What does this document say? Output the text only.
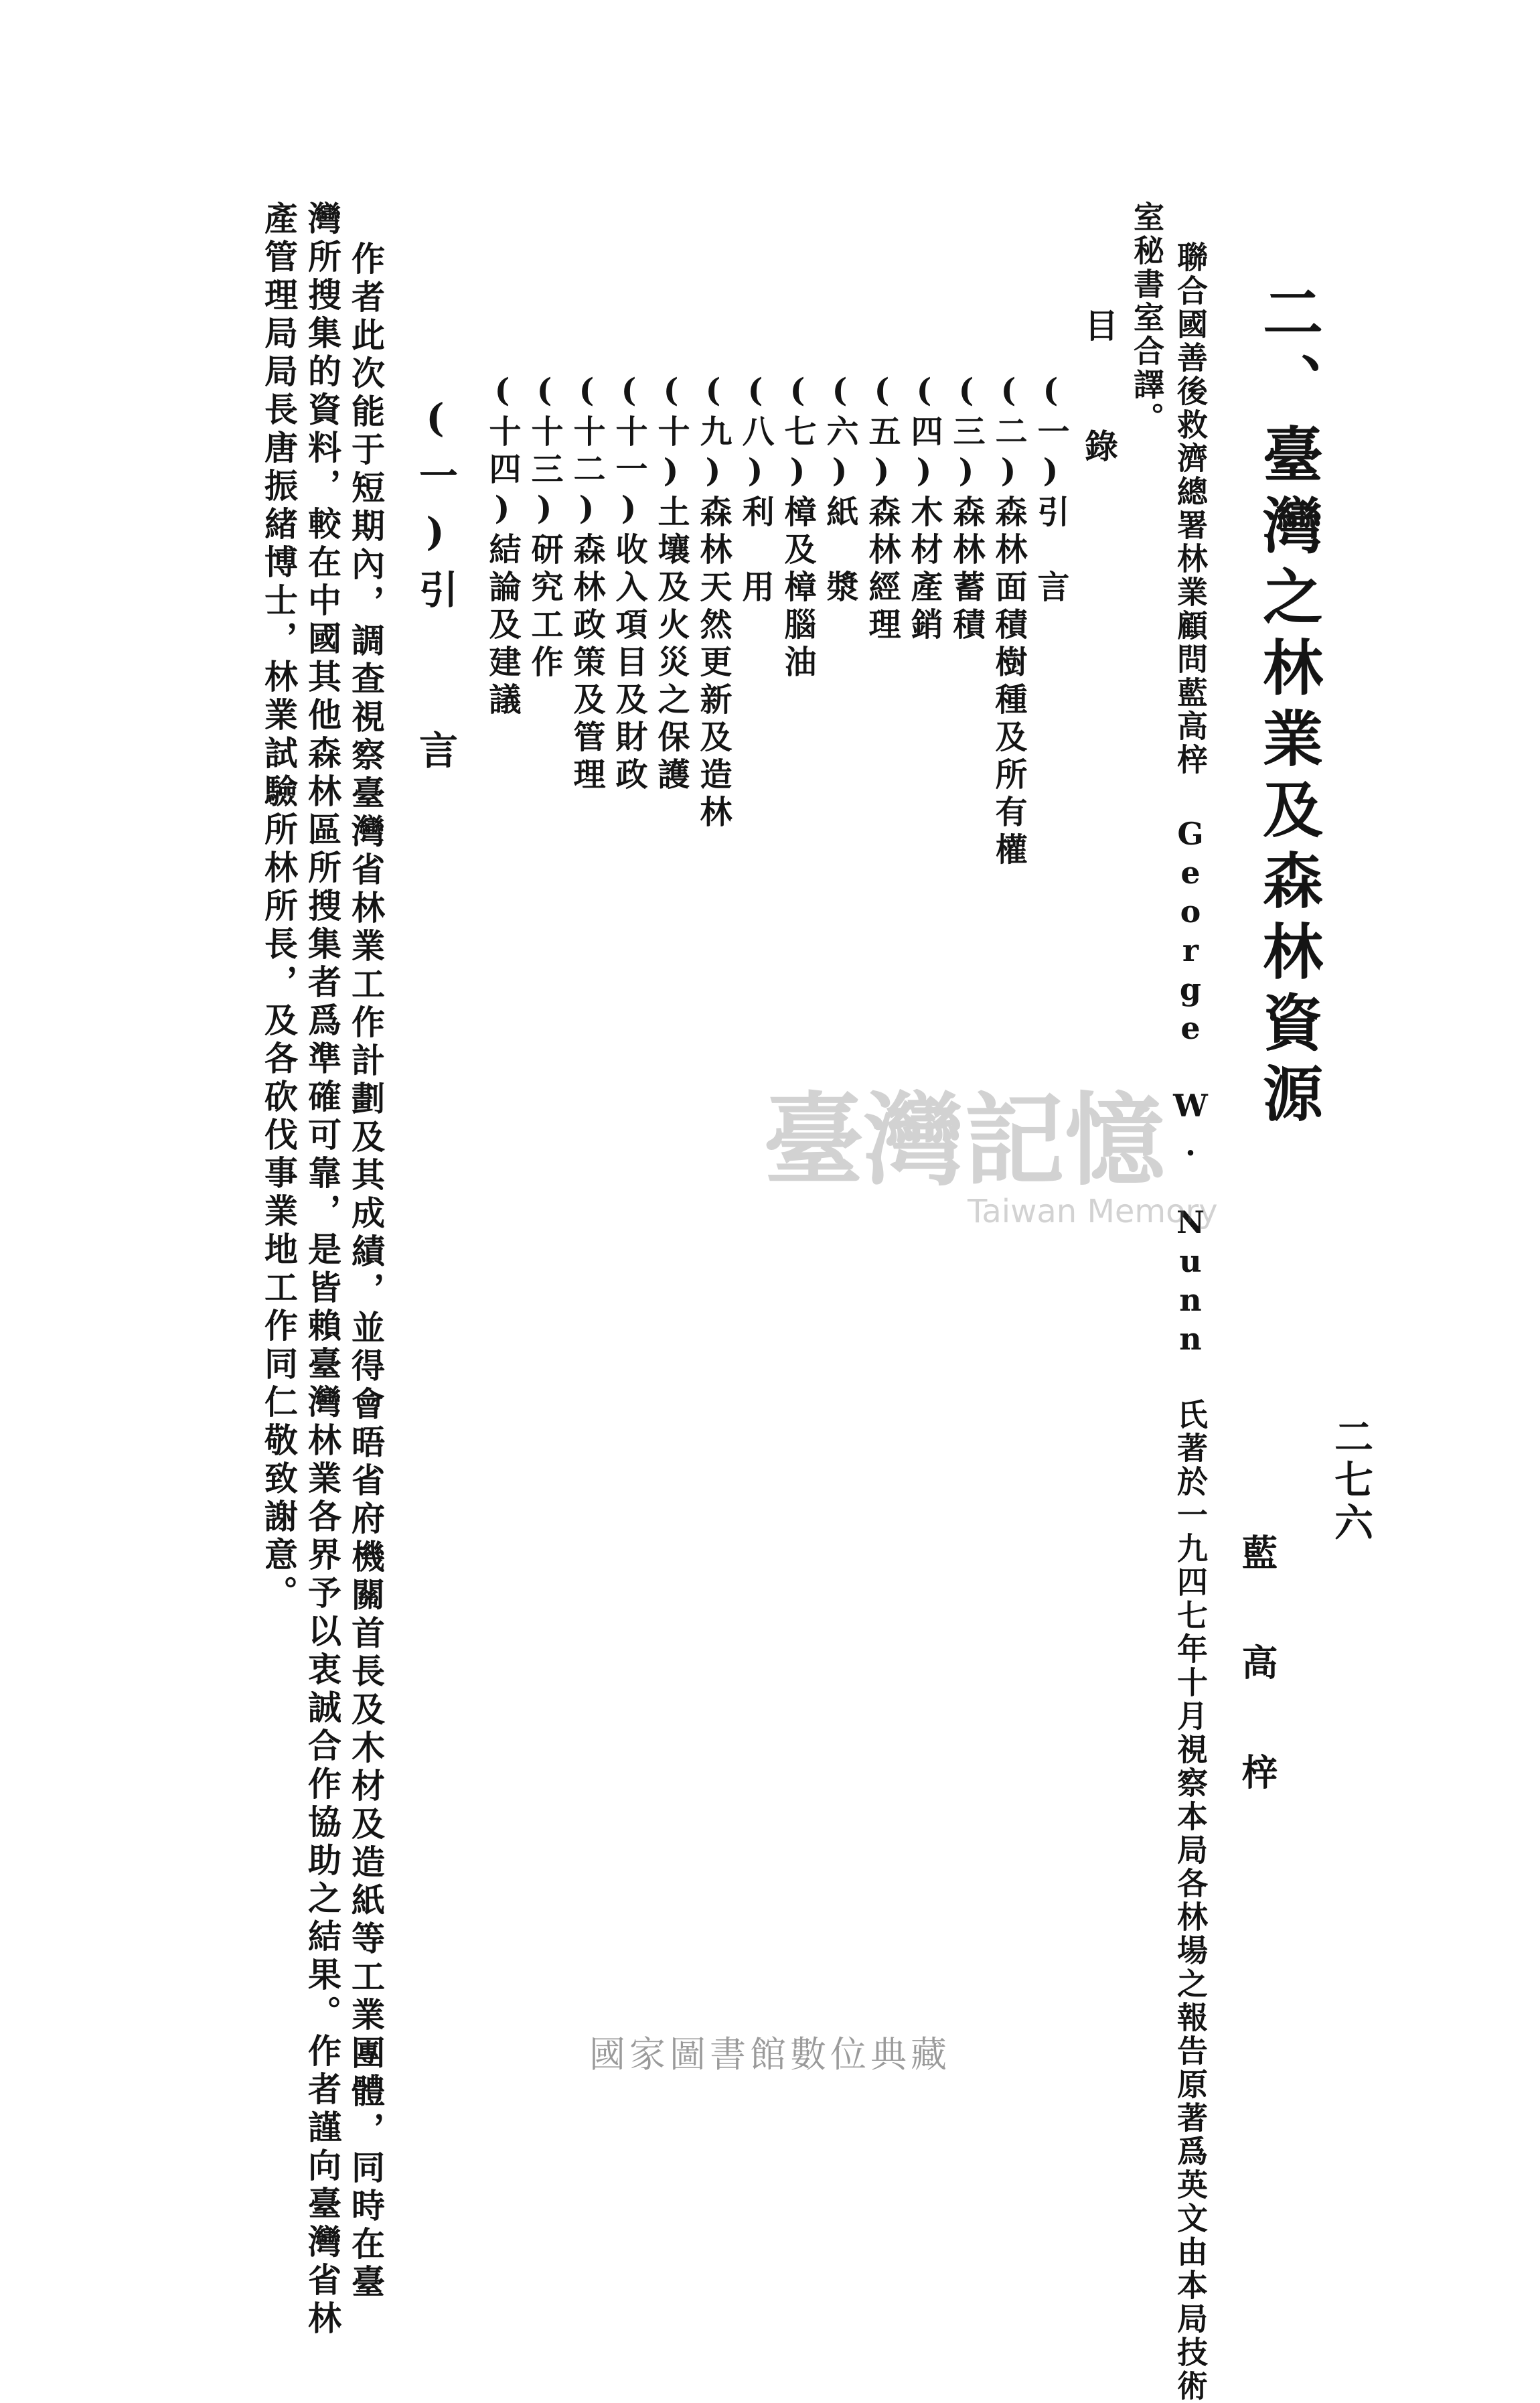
二七六
藍　高　梓
二、臺灣之林業及森林資源
聯合國善後救濟總署林業顧問藍高梓 George W. Nunn 氏著於一九四七年十月視察本局各林場之報告原著爲英文由本局技術
室秘書室合譯。
目　　錄
(一)引　言
(二)森林面積樹種及所有權
(三)森林蓄積
(四)木材產銷
(五)森林經理
(六)紙　漿
(七)樟及樟腦油
(八)利　用
(九)森林天然更新及造林
(十)土壤及火災之保護
(十一)收入項目及財政
(十二)森林政策及管理
(十三)研究工作
(十四)結論及建議
(一)引　　言
作者此次能于短期內，調查視察臺灣省林業工作計劃及其成績，並得會晤省府機關首長及木材及造紙等工業團體，同時在臺
灣所搜集的資料，較在中國其他森林區所搜集者爲準確可靠，是皆賴臺灣林業各界予以衷誠合作協助之結果。作者謹向臺灣省林
產管理局局長唐振緒博士，林業試驗所林所長，及各砍伐事業地工作同仁敬致謝意。	臺灣記憶
Taiwan Memory
國家圖書館數位典藏
